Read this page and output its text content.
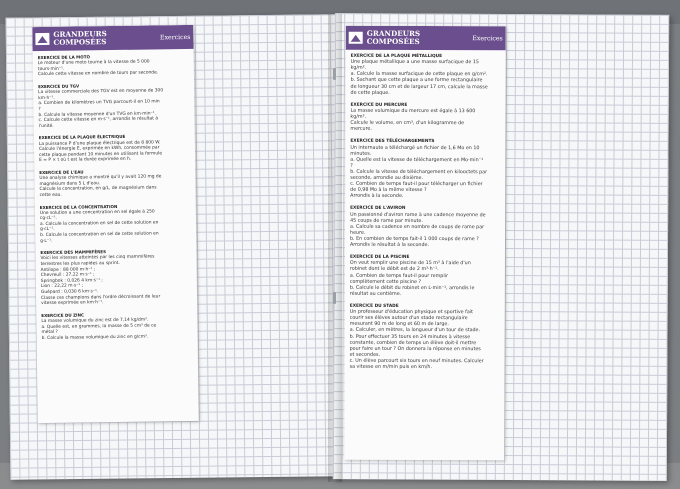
GRANDEURS
COMPOSÉES	Exercices
EXERCICE DE LA MOTO
Le moteur d'une moto tourne à la vitesse de 5 000
tours·min⁻¹.
Calcule cette vitesse en nombre de tours par seconde.
EXERCICE DU TGV
La vitesse commerciale des TGV est en moyenne de 300
km·h⁻¹.
a. Combien de kilomètres un TVG parcourt-il en 10 min
?
b. Calcule la vitesse moyenne d'un TVG en km·min⁻¹.
c. Calcule cette vitesse en m·s⁻¹, arrondis le résultat à
l'unité.
EXERCICE DE LA PLAQUE ÉLECTRIQUE
La puissance P d'une plaque électrique est de 8 800 W.
Calcule l'énergie E, exprimée en kWh, consommée par
cette plaque pendant 10 minutes en utilisant la formule
E = P × t où t est la durée exprimée en h.
EXERCICE DE L'EAU
Une analyse chimique a montré qu'il y avait 120 mg de
magnésium dans 5 L d'eau.
Calcule la concentration, en g/L, de magnésium dans
cette eau.
EXERCICE DE LA CONCENTRATION
Une solution a une concentration en sel égale à 250
cg·cL⁻¹.
a. Calcule la concentration en sel de cette solution en
g·cL⁻¹.
b. Calcule la concentration en sel de cette solution en
g·L⁻¹.
EXERCICE DES MAMMIFÈRES
Voici les vitesses atteintes par les cinq mammifères
terrestres les plus rapides au sprint.
Antilope : 88 000 m·h⁻¹ ;
Chevreuil : 27,22 m·s⁻¹ ;
Springbok : 0,026 4 km·s⁻¹ ;
Lion : 22,22 m·s⁻¹ ;
Guépard : 0,030 6 km·s⁻¹.
Classe ces champions dans l'ordre décroissant de leur
vitesse exprimée en km·h⁻¹.
EXERCICE DU ZINC
La masse volumique du zinc est de 7,14 kg/dm³.
a. Quelle est, en grammes, la masse de 5 cm³ de ce
métal ?
b. Calcule la masse volumique du zinc en g/cm³.
GRANDEURS
COMPOSÉES	Exercices
EXERCICE DE LA PLAQUE MÉTALLIQUE
Une plaque métallique a une masse surfacique de 15
kg/m².
a. Calcule la masse surfacique de cette plaque en g/cm².
b. Sachant que cette plaque a une forme rectangulaire
de longueur 30 cm et de largeur 17 cm, calcule la masse
de cette plaque.
EXERCICE DU MERCURE
La masse volumique du mercure est égale à 13 600
kg/m³.
Calcule le volume, en cm³, d'un kilogramme de
mercure.
EXERCICE DES TÉLÉCHARGEMENTS
Un internaute a téléchargé un fichier de 1,6 Mo en 10
minutes.
a. Quelle est la vitesse de téléchargement en Mo·min⁻¹
?
b. Calcule la vitesse de téléchargement en kilooctets par
seconde, arrondie au dixième.
c. Combien de temps faut-il pour télécharger un fichier
de 0,98 Mo à la même vitesse ?
Arrondis à la seconde.
EXERCICE DE L'AVIRON
Un passionné d'aviron rame à une cadence moyenne de
45 coups de rame par minute.
a. Calcule sa cadence en nombre de coups de rame par
heure.
b. En combien de temps fait-il 1 000 coups de rame ?
Arrondis le résultat à la seconde.
EXERCICE DE LA PISCINE
On veut remplir une piscine de 15 m³ à l'aide d'un
robinet dont le débit est de 2 m³·h⁻¹.
a. Combien de temps faut-il pour remplir
complètement cette piscine ?
b. Calcule le débit du robinet en L·min⁻¹, arrondis le
résultat au centième.
EXERCICE DU STADE
Un professeur d'éducation physique et sportive fait
courir ses élèves autour d'un stade rectangulaire
mesurant 90 m de long et 60 m de large.
a. Calculer, en mètres, la longueur d'un tour de stade.
b. Pour effectuer 35 tours en 24 minutes à vitesse
constante, combien de temps un élève doit-il mettre
pour faire un tour ? On donnera la réponse en minutes
et secondes.
c. Un élève parcourt six tours en neuf minutes. Calculer
sa vitesse en m/min puis en km/h.
